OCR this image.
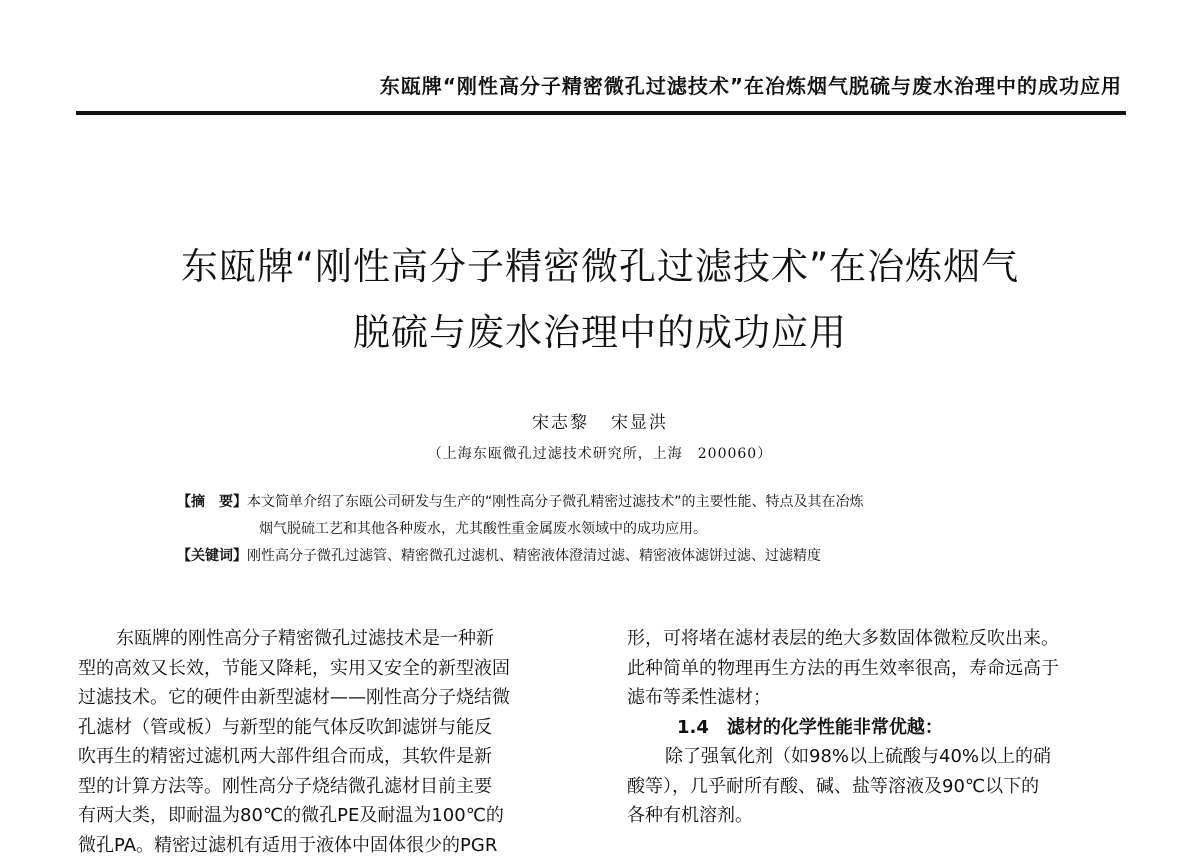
东瓯牌“刚性高分子精密微孔过滤技术”在冶炼烟气脱硫与废水治理中的成功应用
东瓯牌“刚性高分子精密微孔过滤技术”在冶炼烟气
脱硫与废水治理中的成功应用
宋志黎 宋显洪
（上海东瓯微孔过滤技术研究所，上海　200060）
【摘　要】本文简单介绍了东瓯公司研发与生产的“刚性高分子微孔精密过滤技术”的主要性能、特点及其在冶炼
烟气脱硫工艺和其他各种废水，尤其酸性重金属废水领域中的成功应用。
【关键词】刚性高分子微孔过滤管、精密微孔过滤机、精密液体澄清过滤、精密液体滤饼过滤、过滤精度
东瓯牌的刚性高分子精密微孔过滤技术是一种新
型的高效又长效，节能又降耗，实用又安全的新型液固
过滤技术。它的硬件由新型滤材——刚性高分子烧结微
孔滤材（管或板）与新型的能气体反吹卸滤饼与能反
吹再生的精密过滤机两大部件组合而成，其软件是新
型的计算方法等。刚性高分子烧结微孔滤材目前主要
有两大类，即耐温为80℃的微孔PE及耐温为100℃的
微孔PA。精密过滤机有适用于液体中固体很少的PGR
形，可将堵在滤材表层的绝大多数固体微粒反吹出来。
此种简单的物理再生方法的再生效率很高，寿命远高于
滤布等柔性滤材；
1.4　滤材的化学性能非常优越：
除了强氧化剂（如98%以上硫酸与40%以上的硝
酸等），几乎耐所有酸、碱、盐等溶液及90℃以下的
各种有机溶剂。
